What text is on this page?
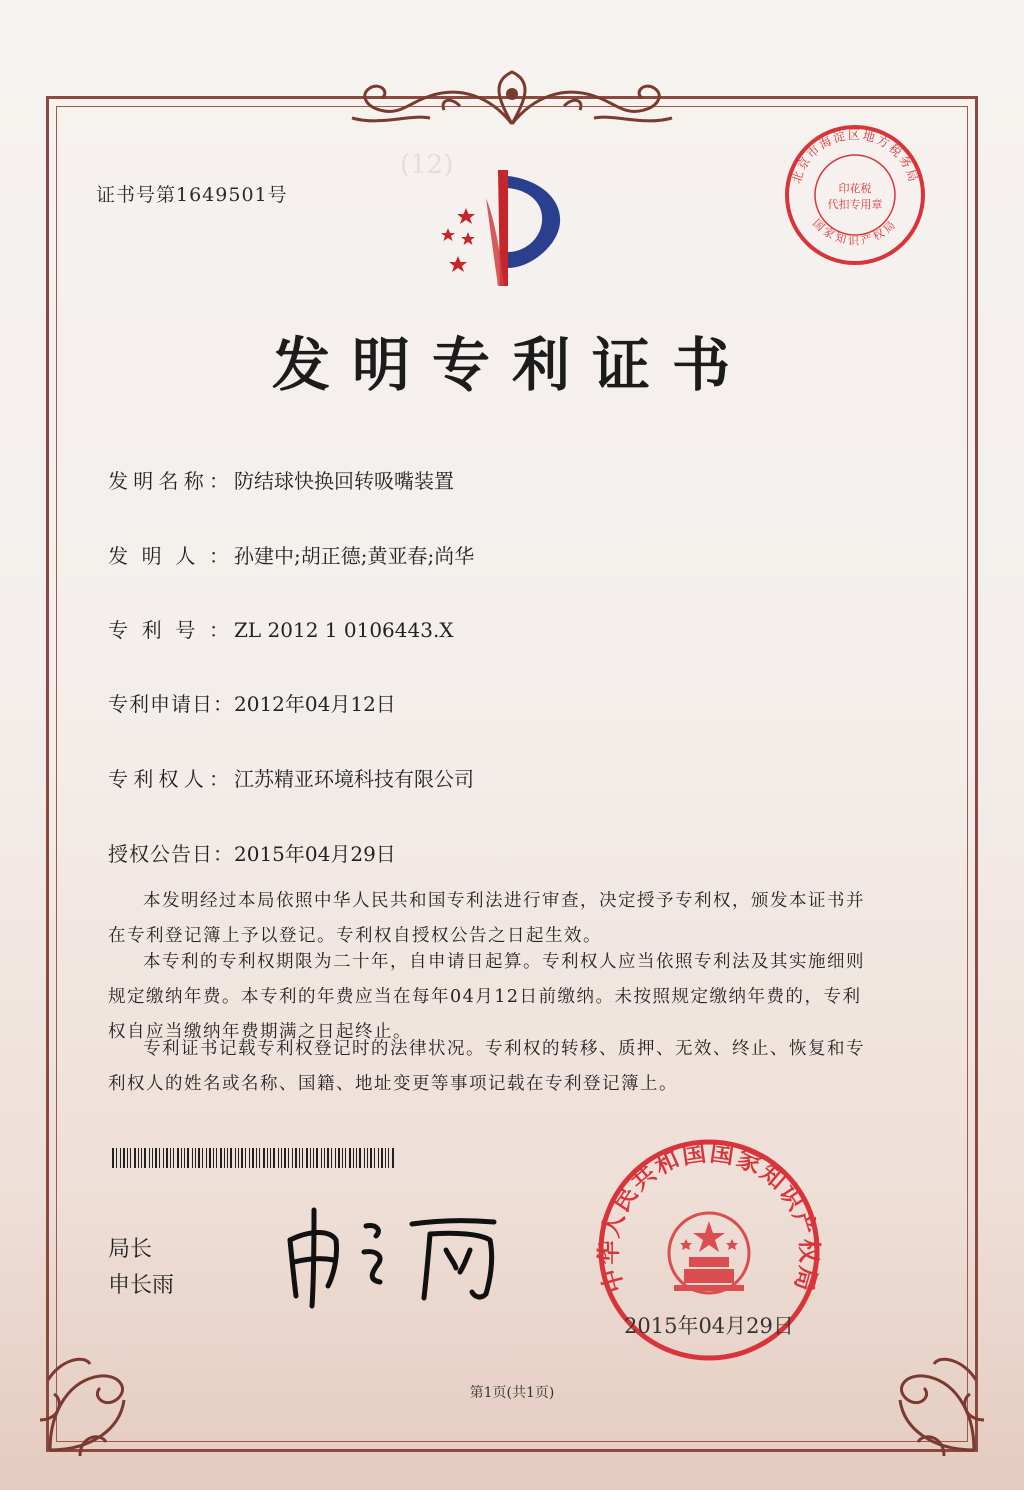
(12)	北京市海淀区地方税务局
国家知识产权局
印花税
代扣专用章
证书号第1649501号
发明专利证书
发明名称： 防结球快换回转吸嘴装置
发明人： 孙建中;胡正德;黄亚春;尚华
专利号： ZL 2012 1 0106443.X
专利申请日：2012年04月12日
专利权人： 江苏精亚环境科技有限公司
授权公告日：2015年04月29日
本发明经过本局依照中华人民共和国专利法进行审查，决定授予专利权，颁发本证书并在专利登记簿上予以登记。专利权自授权公告之日起生效。
本专利的专利权期限为二十年，自申请日起算。专利权人应当依照专利法及其实施细则规定缴纳年费。本专利的年费应当在每年04月12日前缴纳。未按照规定缴纳年费的，专利权自应当缴纳年费期满之日起终止。
专利证书记载专利权登记时的法律状况。专利权的转移、质押、无效、终止、恢复和专利权人的姓名或名称、国籍、地址变更等事项记载在专利登记簿上。
局长
申长雨	中华人民共和国国家知识产权局
2015年04月29日
第1页(共1页)
